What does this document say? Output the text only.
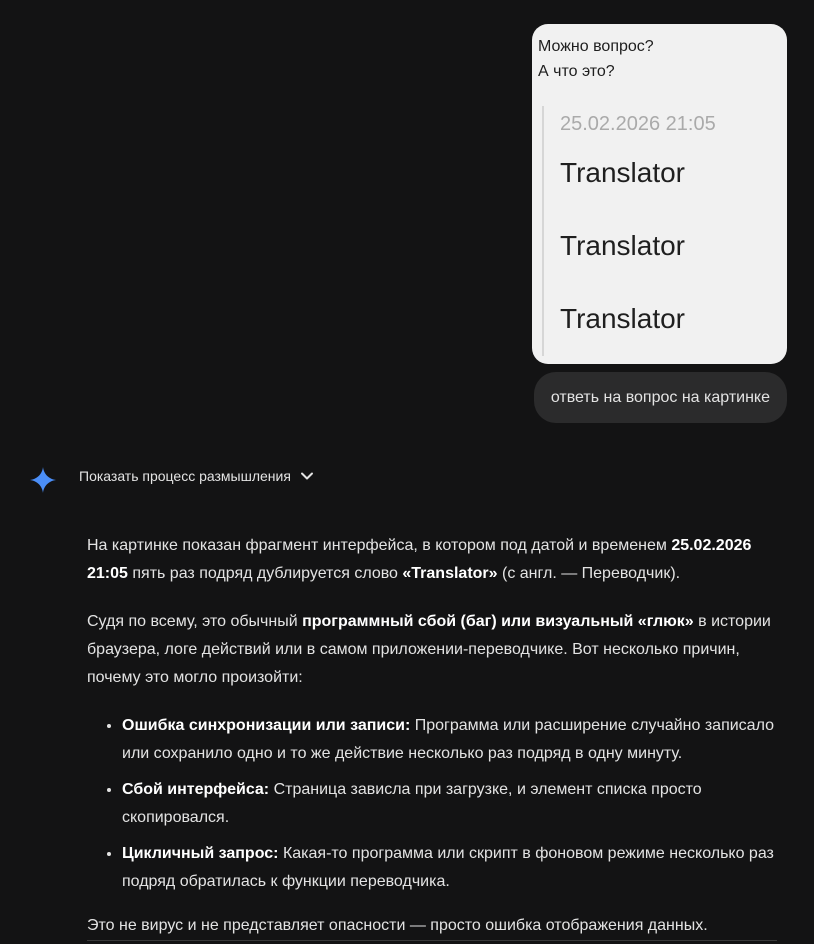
Можно вопрос?
А что это?
25.02.2026 21:05
Translator
Translator
Translator
ответь на вопрос на картинке
Показать процесс размышления

На картинке показан фрагмент интерфейса, в котором под датой и временем 25.02.2026 21:05 пять раз подряд дублируется слово «Translator» (с англ. — Переводчик).

Судя по всему, это обычный программный сбой (баг) или визуальный «глюк» в истории браузера, логе действий или в самом приложении-переводчике. Вот несколько причин, почему это могло произойти:

• Ошибка синхронизации или записи: Программа или расширение случайно записало или сохранило одно и то же действие несколько раз подряд в одну минуту.
• Сбой интерфейса: Страница зависла при загрузке, и элемент списка просто скопировался.
• Цикличный запрос: Какая-то программа или скрипт в фоновом режиме несколько раз подряд обратилась к функции переводчика.

Это не вирус и не представляет опасности — просто ошибка отображения данных.
